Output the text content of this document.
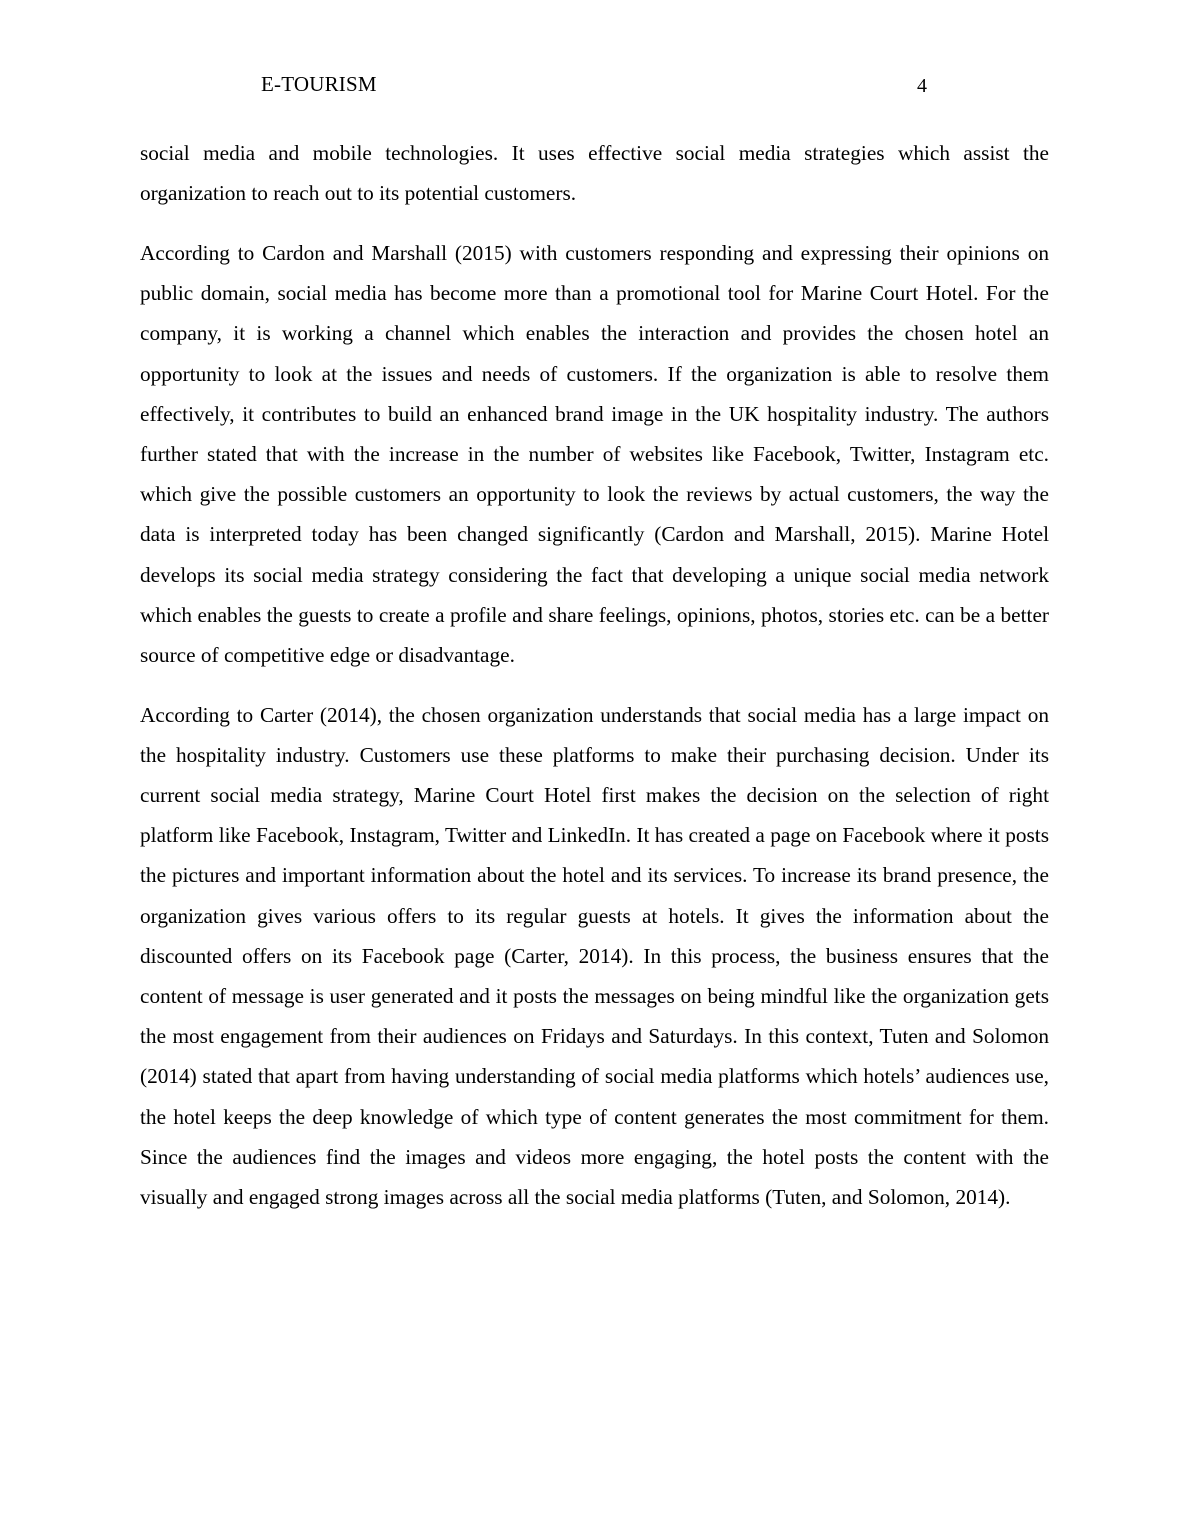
E-TOURISM	4

social media and mobile technologies. It uses effective social media strategies which assist the organization to reach out to its potential customers.

According to Cardon and Marshall (2015) with customers responding and expressing their opinions on public domain, social media has become more than a promotional tool for Marine Court Hotel. For the company, it is working a channel which enables the interaction and provides the chosen hotel an opportunity to look at the issues and needs of customers. If the organization is able to resolve them effectively, it contributes to build an enhanced brand image in the UK hospitality industry. The authors further stated that with the increase in the number of websites like Facebook, Twitter, Instagram etc. which give the possible customers an opportunity to look the reviews by actual customers, the way the data is interpreted today has been changed significantly (Cardon and Marshall, 2015). Marine Hotel develops its social media strategy considering the fact that developing a unique social media network which enables the guests to create a profile and share feelings, opinions, photos, stories etc. can be a better source of competitive edge or disadvantage.

According to Carter (2014), the chosen organization understands that social media has a large impact on the hospitality industry. Customers use these platforms to make their purchasing decision. Under its current social media strategy, Marine Court Hotel first makes the decision on the selection of right platform like Facebook, Instagram, Twitter and LinkedIn. It has created a page on Facebook where it posts the pictures and important information about the hotel and its services. To increase its brand presence, the organization gives various offers to its regular guests at hotels. It gives the information about the discounted offers on its Facebook page (Carter, 2014). In this process, the business ensures that the content of message is user generated and it posts the messages on being mindful like the organization gets the most engagement from their audiences on Fridays and Saturdays. In this context, Tuten and Solomon (2014) stated that apart from having understanding of social media platforms which hotels’ audiences use, the hotel keeps the deep knowledge of which type of content generates the most commitment for them. Since the audiences find the images and videos more engaging, the hotel posts the content with the visually and engaged strong images across all the social media platforms (Tuten, and Solomon, 2014).
